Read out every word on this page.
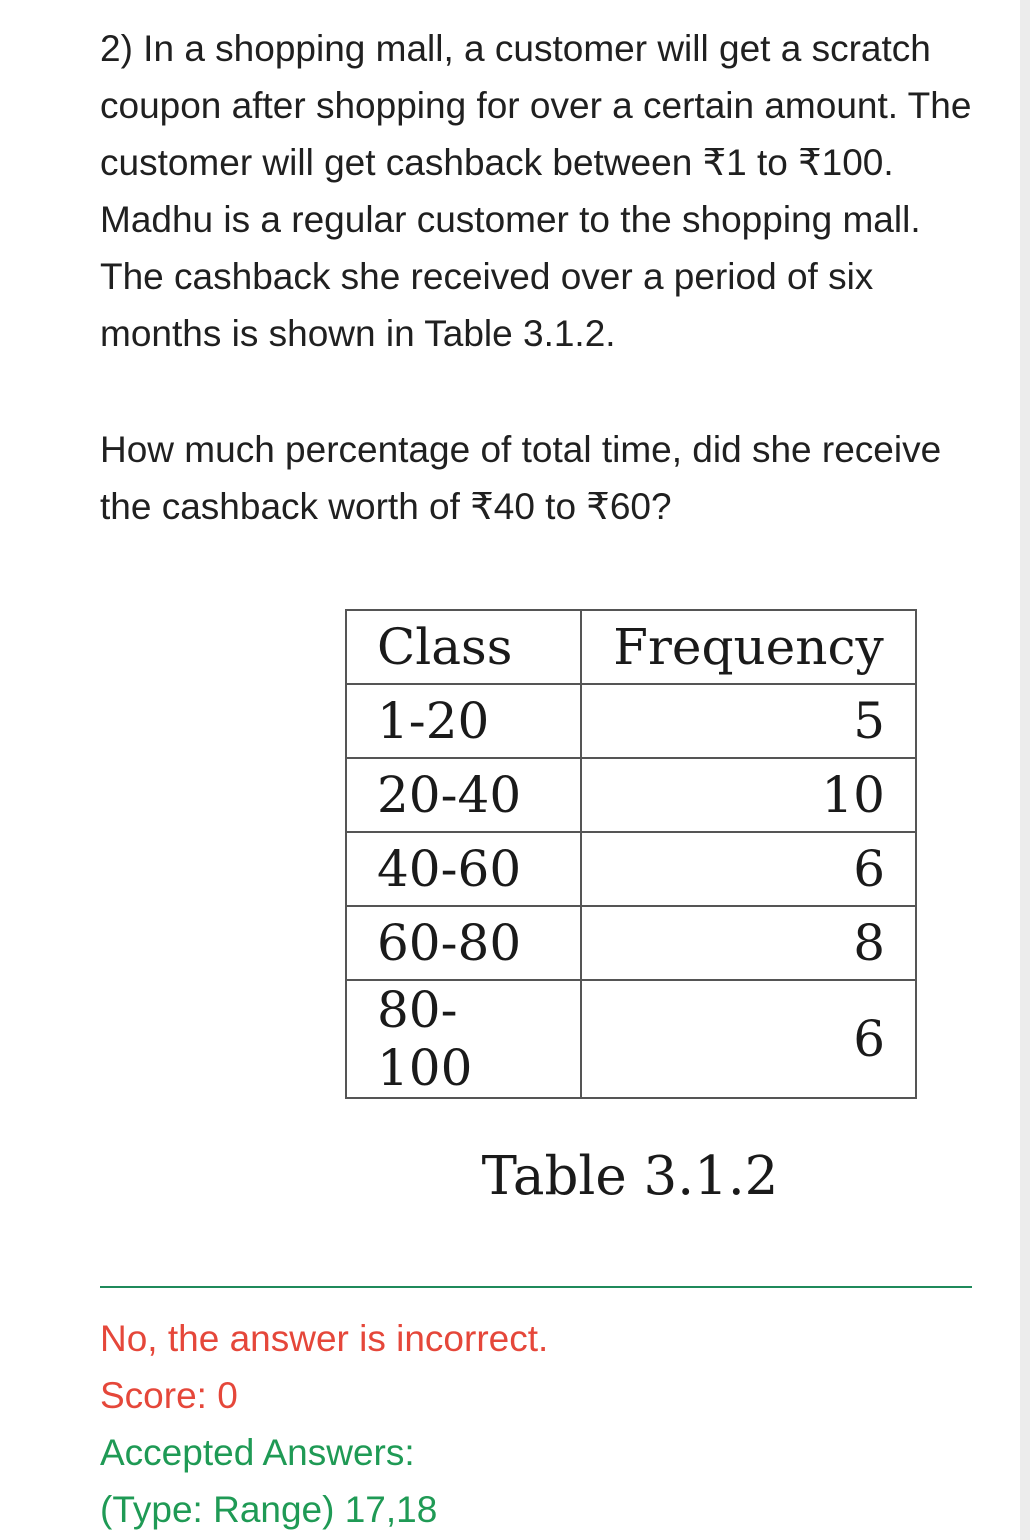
2) In a shopping mall, a customer will get a scratch coupon after shopping for over a certain amount. The customer will get cashback between ₹1 to ₹100. Madhu is a regular customer to the shopping mall. The cashback she received over a period of six months is shown in Table 3.1.2.

How much percentage of total time, did she receive the cashback worth of ₹40 to ₹60?

Class	Frequency
1-20	5
20-40	10
40-60	6
60-80	8
80-100	6
Table 3.1.2
No, the answer is incorrect.
Score: 0
Accepted Answers:
(Type: Range) 17,18
